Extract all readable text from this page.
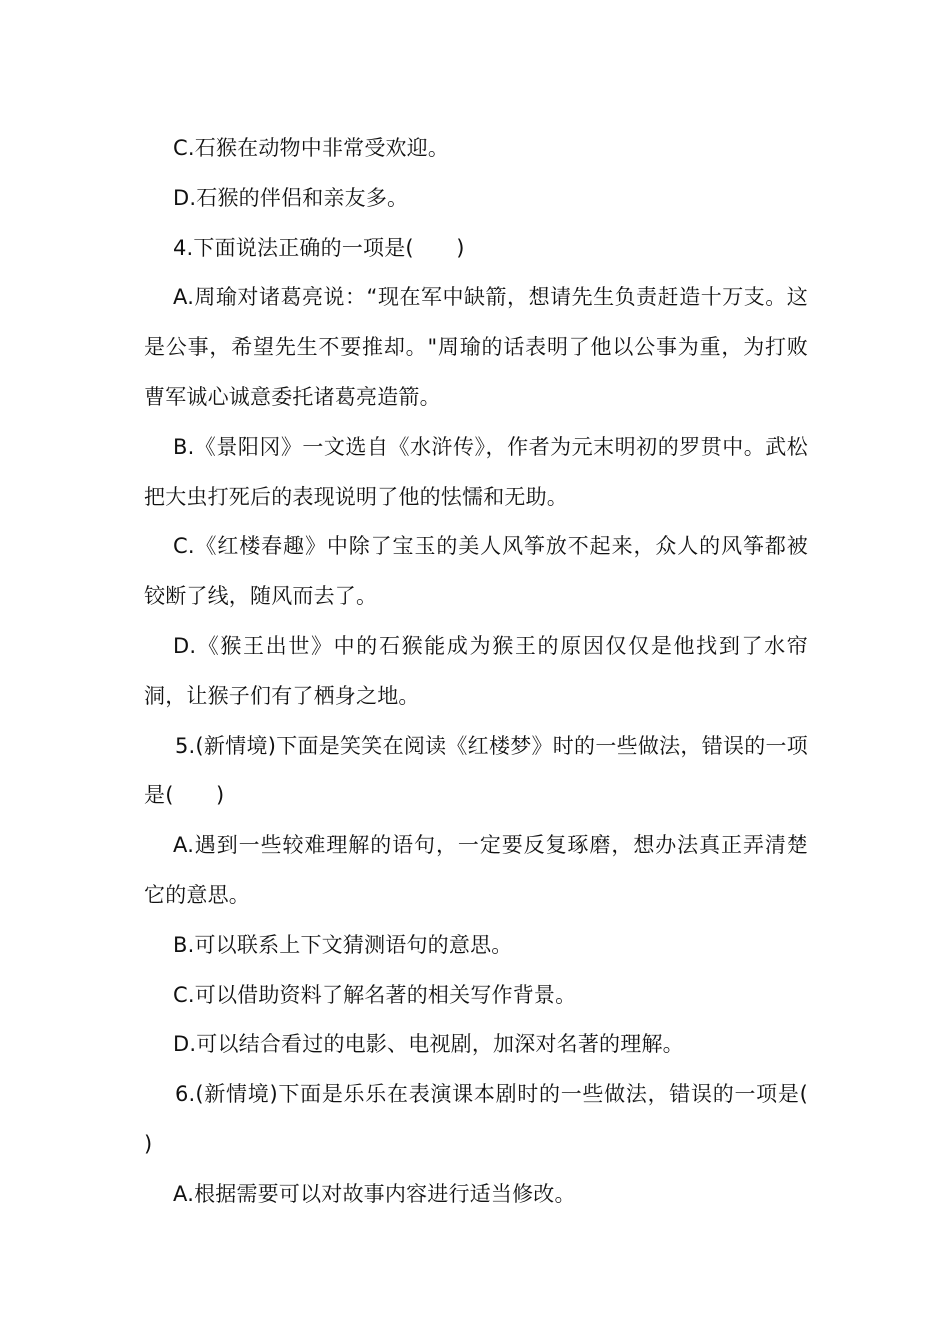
C.石猴在动物中非常受欢迎。

D.石猴的伴侣和亲友多。

4.下面说法正确的一项是(　　)

A.周瑜对诸葛亮说：“现在军中缺箭，想请先生负责赶造十万支。这是公事，希望先生不要推却。"周瑜的话表明了他以公事为重，为打败曹军诚心诚意委托诸葛亮造箭。

B.《景阳冈》一文选自《水浒传》，作者为元末明初的罗贯中。武松把大虫打死后的表现说明了他的怯懦和无助。

C.《红楼春趣》中除了宝玉的美人风筝放不起来，众人的风筝都被铰断了线，随风而去了。

D.《猴王出世》中的石猴能成为猴王的原因仅仅是他找到了水帘洞，让猴子们有了栖身之地。

5.(新情境)下面是笑笑在阅读《红楼梦》时的一些做法，错误的一项是(　　)

A.遇到一些较难理解的语句，一定要反复琢磨，想办法真正弄清楚它的意思。

B.可以联系上下文猜测语句的意思。

C.可以借助资料了解名著的相关写作背景。

D.可以结合看过的电影、电视剧，加深对名著的理解。

6.(新情境)下面是乐乐在表演课本剧时的一些做法，错误的一项是(　　)

A.根据需要可以对故事内容进行适当修改。
